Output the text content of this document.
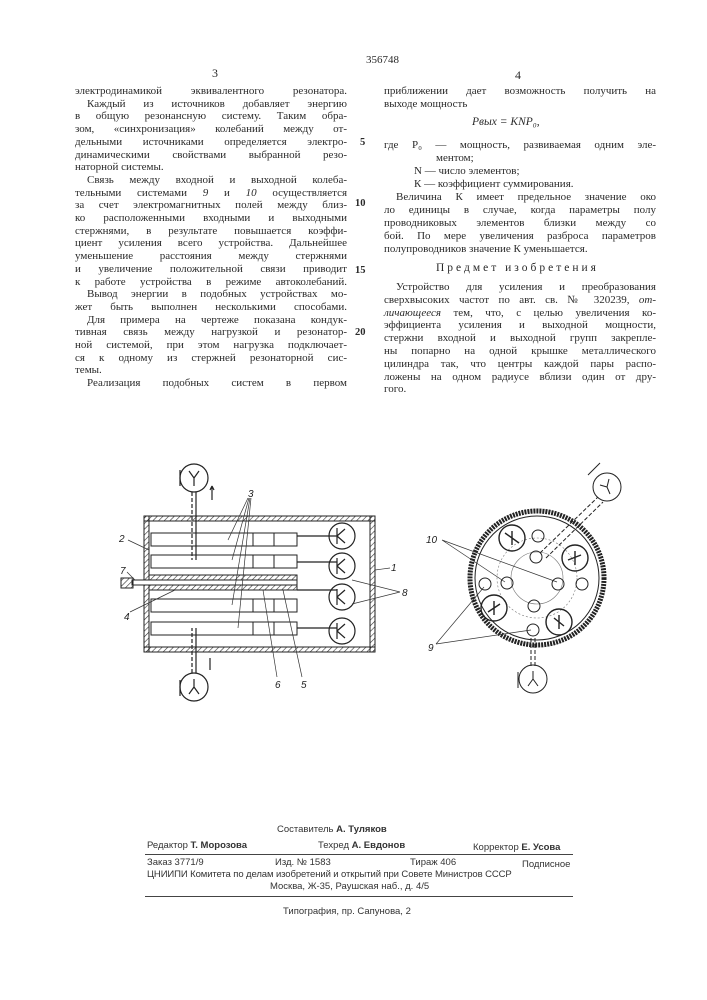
3
356748
4
электродинамикой эквивалентного резонатора.
Каждый из источников добавляет энергию
в общую резонансную систему. Таким обра-
зом, «синхронизация» колебаний между от-
дельными источниками определяется электро-
динамическими свойствами выбранной резо-
наторной системы.
Связь между входной и выходной колеба-
тельными системами 9 и 10 осуществляется
за счет электромагнитных полей между близ-
ко расположенными входными и выходными
стержнями, в результате повышается коэффи-
циент усиления всего устройства. Дальнейшее
уменьшение расстояния между стержнями
и увеличение положительной связи приводит
к работе устройства в режиме автоколебаний.
Вывод энергии в подобных устройствах мо-
жет быть выполнен несколькими способами.
Для примера на чертеже показана кондук-
тивная связь между нагрузкой и резонатор-
ной системой, при этом нагрузка подключает-
ся к одному из стержней резонаторной сис-
темы.
Реализация подобных систем в первом
приближении дает возможность получить на
выходе мощность
где P₀ — мощность, развиваемая одним эле-
ментом;
N — число элементов;
К — коэффициент суммирования.
Величина К имеет предельное значение око
ло единицы в случае, когда параметры полу
проводниковых элементов близки между со
бой. По мере увеличения разброса параметров
полупроводников значение К уменьшается.
Устройство для усиления и преобразования
сверхвысоких частот по авт. св. № 320239, от-
личающееся тем, что, с целью увеличения ко-
эффициента усиления и выходной мощности,
стержни входной и выходной групп закрепле-
ны попарно на одной крышке металлического
цилиндра так, что центры каждой пары распо-
ложены на одном радиусе вблизи один от дру-
гого.
5
10
15
20
Pвых = KNP₀,
Предмет изобретения
3
2
7
4
6 5
1
8
10
9
Составитель А. Туляков
Редактор Т. Морозова	Техред А. Евдонов	Корректор Е. Усова
Заказ 3771/9	Изд. № 1583	Тираж 406	Подписное
ЦНИИПИ Комитета по делам изобретений и открытий при Совете Министров СССР
Москва, Ж-35, Раушская наб., д. 4/5
Типография, пр. Сапунова, 2
